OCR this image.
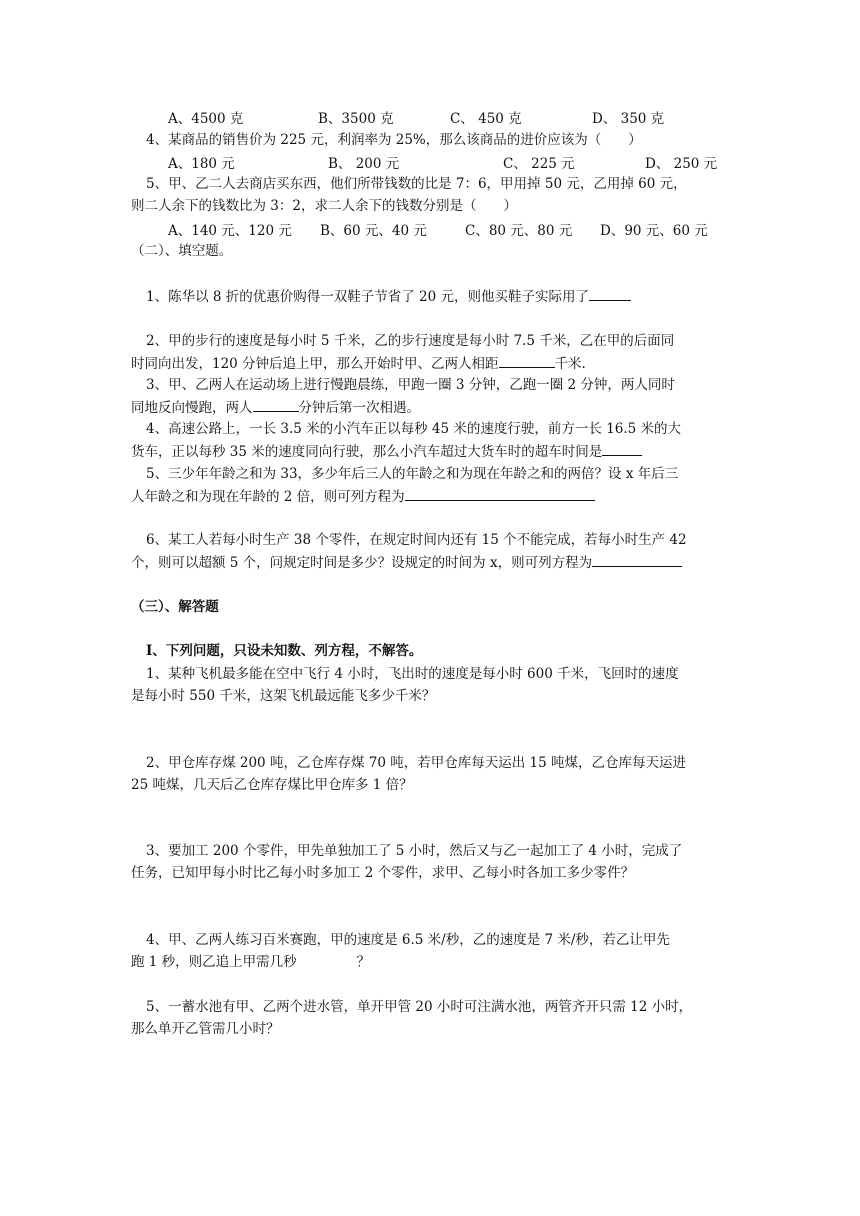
A、4500 克	B、3500 克	C、 450 克	D、 350 克
4、某商品的销售价为 225 元，利润率为 25%，那么该商品的进价应该为（　　）
A、180 元	B、 200 元	C、 225 元	D、 250 元
5、甲、乙二人去商店买东西，他们所带钱数的比是 7：6，甲用掉 50 元，乙用掉 60 元，
则二人余下的钱数比为 3：2，求二人余下的钱数分别是（　　）
A、140 元、120 元 B、60 元、40 元	C、80 元、80 元 D、90 元、60 元
（二）、填空题。
1、陈华以 8 折的优惠价购得一双鞋子节省了 20 元，则他买鞋子实际用了
2、甲的步行的速度是每小时 5 千米，乙的步行速度是每小时 7.5 千米，乙在甲的后面同
时同向出发，120 分钟后追上甲，那么开始时甲、乙两人相距	千米.
3、甲、乙两人在运动场上进行慢跑晨练，甲跑一圈 3 分钟，乙跑一圈 2 分钟，两人同时
同地反向慢跑，两人	分钟后第一次相遇。
4、高速公路上，一长 3.5 米的小汽车正以每秒 45 米的速度行驶，前方一长 16.5 米的大
货车，正以每秒 35 米的速度同向行驶，那么小汽车超过大货车时的超车时间是
5、三少年年龄之和为 33，多少年后三人的年龄之和为现在年龄之和的两倍？设 x 年后三
人年龄之和为现在年龄的 2 倍，则可列方程为
6、某工人若每小时生产 38 个零件，在规定时间内还有 15 个不能完成，若每小时生产 42
个，则可以超额 5 个，问规定时间是多少？设规定的时间为 x，则可列方程为
（三）、解答题
Ⅰ、下列问题，只设未知数、列方程，不解答。
1、某种飞机最多能在空中飞行 4 小时，飞出时的速度是每小时 600 千米，飞回时的速度
是每小时 550 千米，这架飞机最远能飞多少千米？
2、甲仓库存煤 200 吨，乙仓库存煤 70 吨，若甲仓库每天运出 15 吨煤，乙仓库每天运进
25 吨煤，几天后乙仓库存煤比甲仓库多 1 倍？
3、要加工 200 个零件，甲先单独加工了 5 小时，然后又与乙一起加工了 4 小时，完成了
任务，已知甲每小时比乙每小时多加工 2 个零件，求甲、乙每小时各加工多少零件？
4、甲、乙两人练习百米赛跑，甲的速度是 6.5 米/秒，乙的速度是 7 米/秒，若乙让甲先
跑 1 秒，则乙追上甲需几秒	？
5、一蓄水池有甲、乙两个进水管，单开甲管 20 小时可注满水池，两管齐开只需 12 小时，
那么单开乙管需几小时？
